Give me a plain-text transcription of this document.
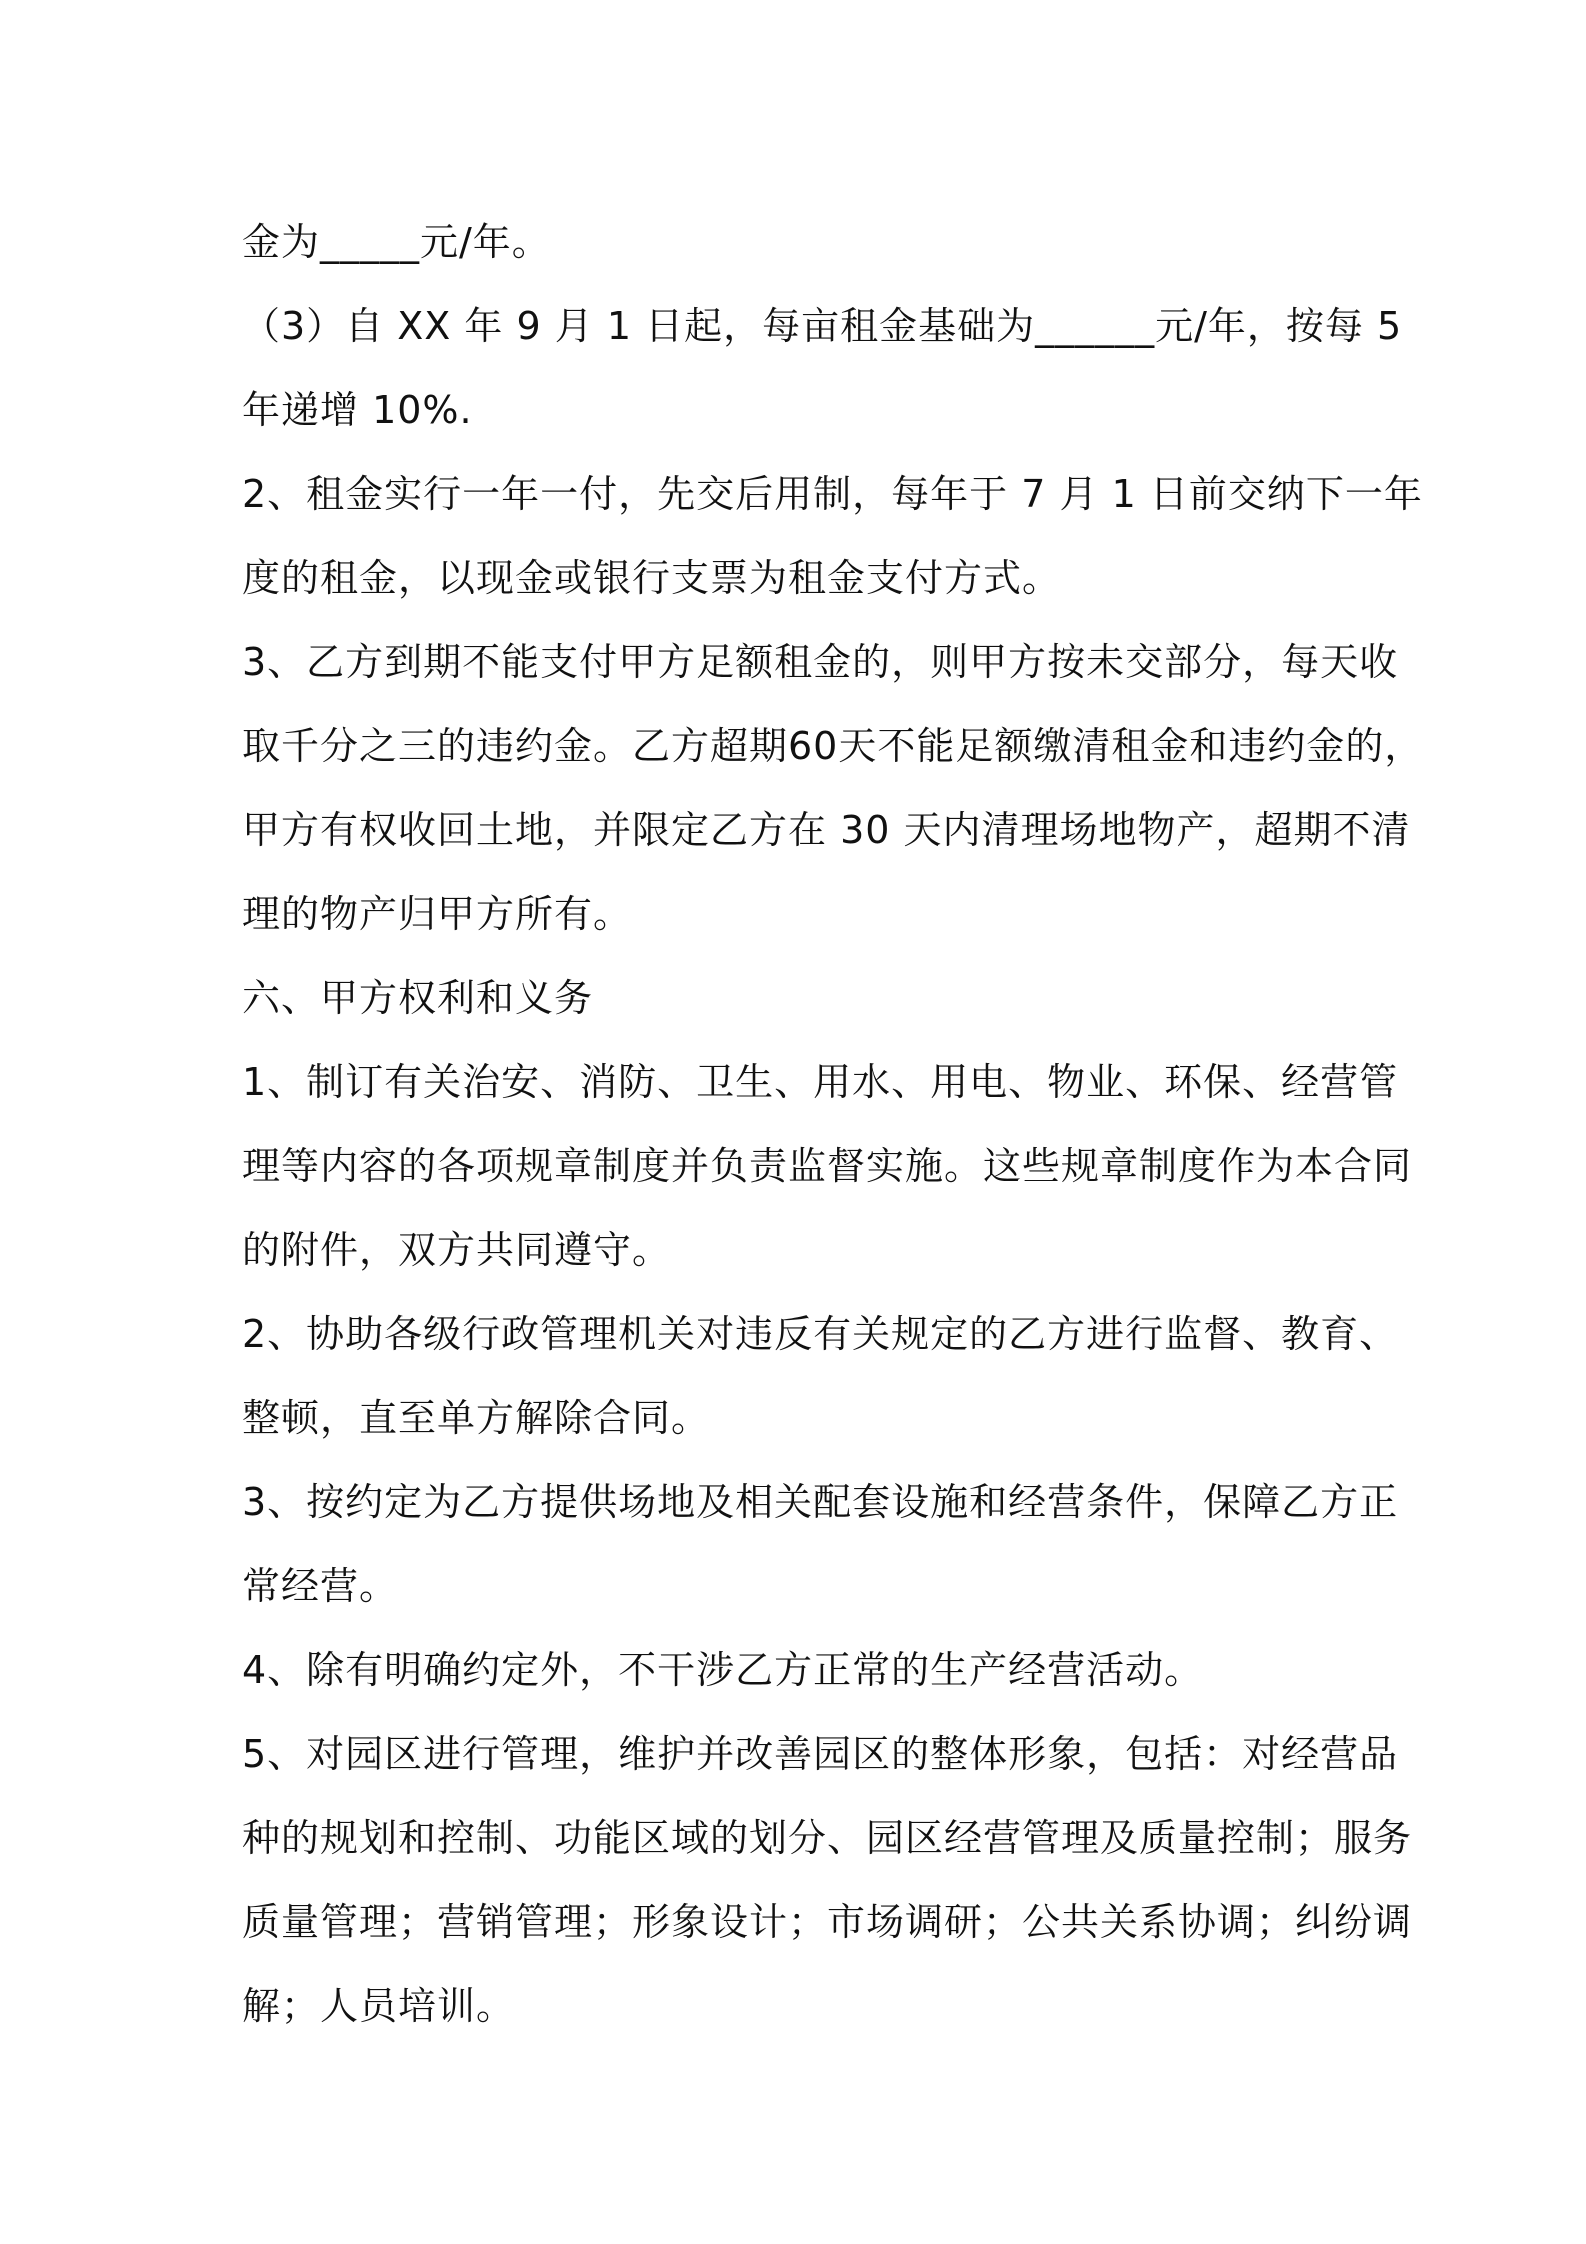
金为_____元/年。

（3）自 XX 年 9 月 1 日起，每亩租金基础为______元/年，按每 5

年递增 10%.

2、租金实行一年一付，先交后用制，每年于 7 月 1 日前交纳下一年

度的租金，以现金或银行支票为租金支付方式。

3、乙方到期不能支付甲方足额租金的，则甲方按未交部分，每天收

取千分之三的违约金。乙方超期60天不能足额缴清租金和违约金的，

甲方有权收回土地，并限定乙方在 30 天内清理场地物产，超期不清

理的物产归甲方所有。

六、甲方权利和义务

1、制订有关治安、消防、卫生、用水、用电、物业、环保、经营管

理等内容的各项规章制度并负责监督实施。这些规章制度作为本合同

的附件，双方共同遵守。

2、协助各级行政管理机关对违反有关规定的乙方进行监督、教育、

整顿，直至单方解除合同。

3、按约定为乙方提供场地及相关配套设施和经营条件，保障乙方正

常经营。

4、除有明确约定外，不干涉乙方正常的生产经营活动。

5、对园区进行管理，维护并改善园区的整体形象，包括：对经营品

种的规划和控制、功能区域的划分、园区经营管理及质量控制；服务

质量管理；营销管理；形象设计；市场调研；公共关系协调；纠纷调

解；人员培训。
